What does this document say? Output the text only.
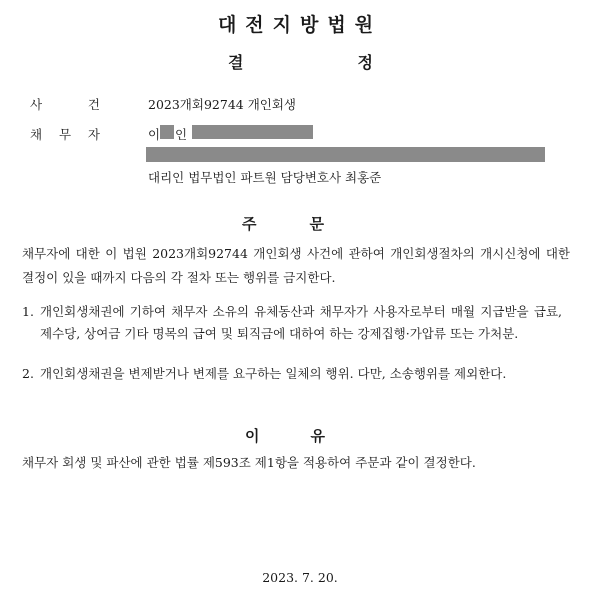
대전지방법원
결	정
사	건	2023개회92744 개인회생
채 무 자	이 인
대리인 법무법인 파트원 담당변호사 최홍준
주	문
채무자에 대한 이 법원 2023개회92744 개인회생 사건에 관하여 개인회생절차의 개시신청에 대한 결정이 있을 때까지 다음의 각 절차 또는 행위를 금지한다.
1. 개인회생채권에 기하여 채무자 소유의 유체동산과 채무자가 사용자로부터 매월 지급받을 급료, 제수당, 상여금 기타 명목의 급여 및 퇴직금에 대하여 하는 강제집행·가압류 또는 가처분.
2. 개인회생채권을 변제받거나 변제를 요구하는 일체의 행위. 다만, 소송행위를 제외한다.
이	유
채무자 회생 및 파산에 관한 법률 제593조 제1항을 적용하여 주문과 같이 결정한다.
2023. 7. 20.
